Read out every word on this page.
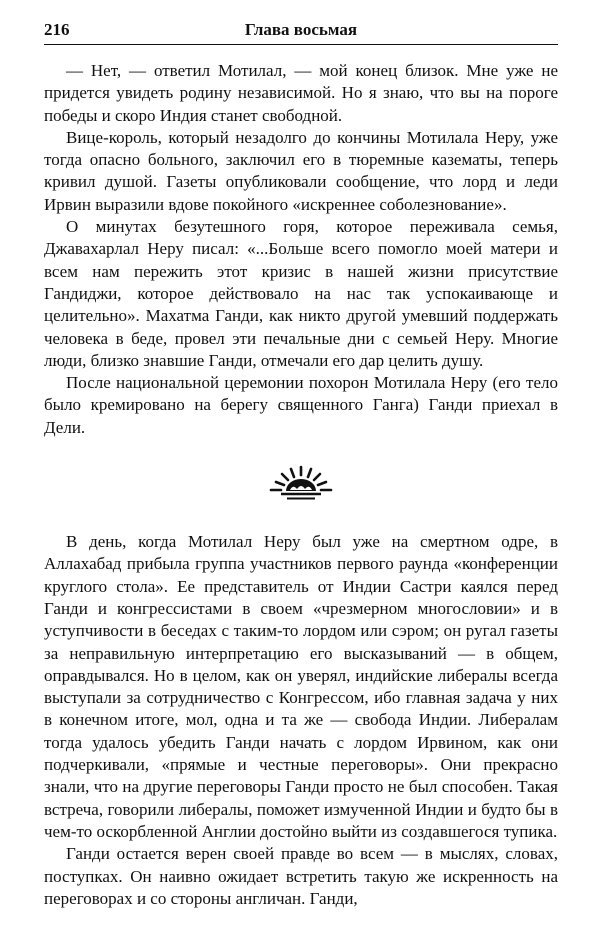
216	Глава восьмая

— Нет, — ответил Мотилал, — мой конец близок. Мне уже не придется увидеть родину независимой. Но я знаю, что вы на пороге победы и скоро Индия станет свободной.

Вице-король, который незадолго до кончины Мотилала Неру, уже тогда опасно больного, заключил его в тюремные казематы, теперь кривил душой. Газеты опубликовали сообщение, что лорд и леди Ирвин выразили вдове покойного «искреннее соболезнование».

О минутах безутешного горя, которое переживала семья, Джавахарлал Неру писал: «...Больше всего помогло моей матери и всем нам пережить этот кризис в нашей жизни присутствие Гандиджи, которое действовало на нас так успокаивающе и целительно». Махатма Ганди, как никто другой умевший поддержать человека в беде, провел эти печальные дни с семьей Неру. Многие люди, близко знавшие Ганди, отмечали его дар целить душу.

После национальной церемонии похорон Мотилала Неру (его тело было кремировано на берегу священного Ганга) Ганди приехал в Дели.

В день, когда Мотилал Неру был уже на смертном одре, в Аллахабад прибыла группа участников первого раунда «конференции круглого стола». Ее представитель от Индии Састри каялся перед Ганди и конгрессистами в своем «чрезмерном многословии» и в уступчивости в беседах с таким-то лордом или сэром; он ругал газеты за неправильную интерпретацию его высказываний — в общем, оправдывался. Но в целом, как он уверял, индийские либералы всегда выступали за сотрудничество с Конгрессом, ибо главная задача у них в конечном итоге, мол, одна и та же — свобода Индии. Либералам тогда удалось убедить Ганди начать с лордом Ирвином, как они подчеркивали, «прямые и честные переговоры». Они прекрасно знали, что на другие переговоры Ганди просто не был способен. Такая встреча, говорили либералы, поможет измученной Индии и будто бы в чем-то оскорбленной Англии достойно выйти из создавшегося тупика.

Ганди остается верен своей правде во всем — в мыслях, словах, поступках. Он наивно ожидает встретить такую же искренность на переговорах и со стороны англичан. Ганди,
